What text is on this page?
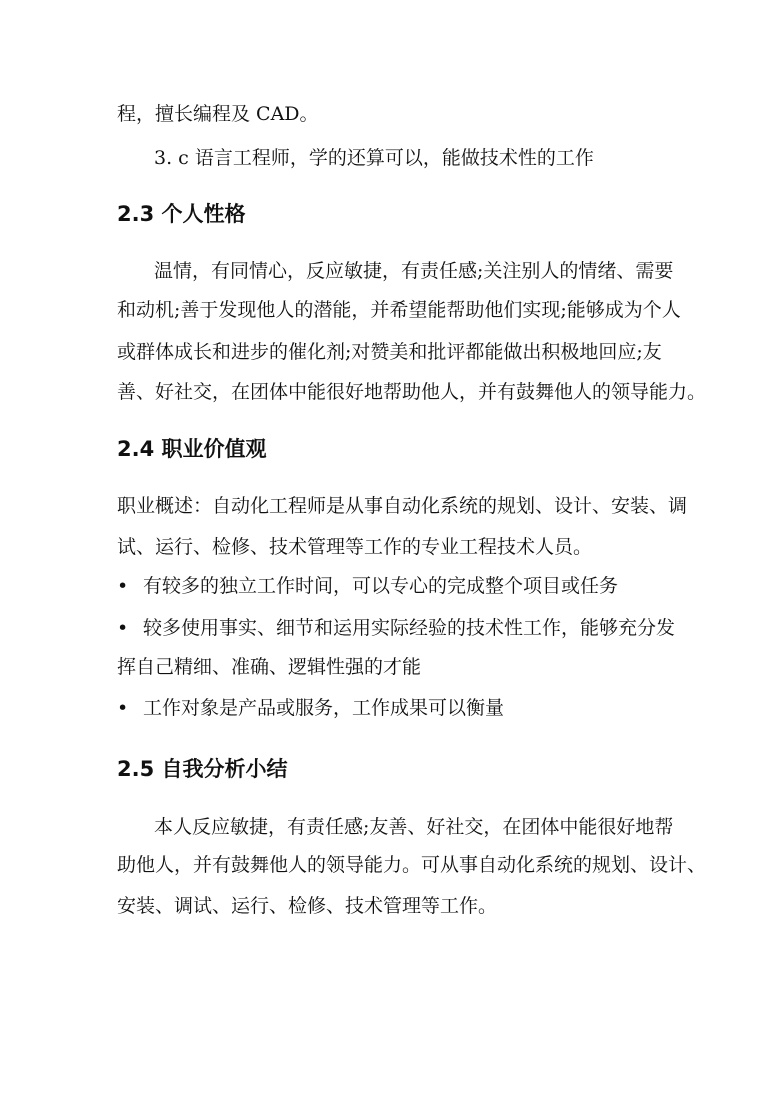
程，擅长编程及 CAD。

3. c 语言工程师，学的还算可以，能做技术性的工作

2.3 个人性格

温情，有同情心，反应敏捷，有责任感;关注别人的情绪、需要

和动机;善于发现他人的潜能，并希望能帮助他们实现;能够成为个人

或群体成长和进步的催化剂;对赞美和批评都能做出积极地回应;友

善、好社交，在团体中能很好地帮助他人，并有鼓舞他人的领导能力。

2.4 职业价值观

职业概述：自动化工程师是从事自动化系统的规划、设计、安装、调

试、运行、检修、技术管理等工作的专业工程技术人员。

• 有较多的独立工作时间，可以专心的完成整个项目或任务

• 较多使用事实、细节和运用实际经验的技术性工作，能够充分发

挥自己精细、准确、逻辑性强的才能

• 工作对象是产品或服务，工作成果可以衡量

2.5 自我分析小结

本人反应敏捷，有责任感;友善、好社交，在团体中能很好地帮

助他人，并有鼓舞他人的领导能力。可从事自动化系统的规划、设计、

安装、调试、运行、检修、技术管理等工作。
